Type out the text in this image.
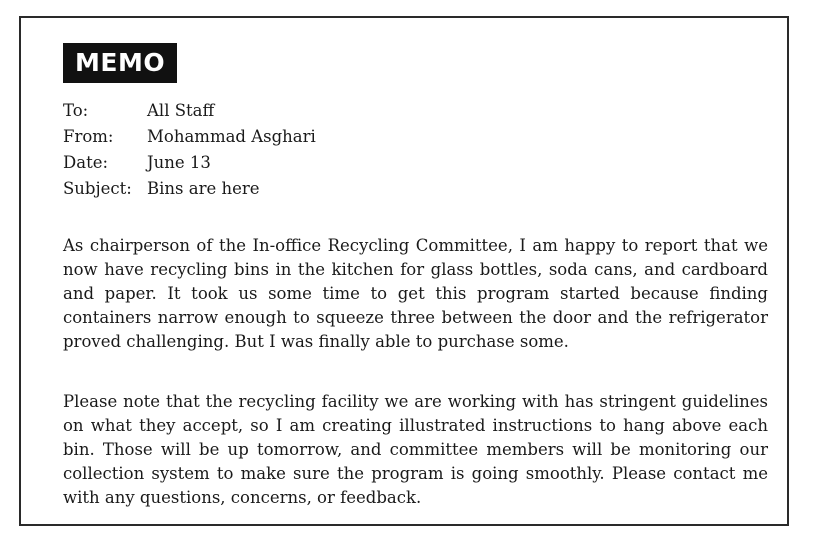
MEMO
To:	All Staff
From:	Mohammad Asghari
Date:	June 13
Subject: Bins are here

As chairperson of the In-office Recycling Committee, I am happy to report that we now have recycling bins in the kitchen for glass bottles, soda cans, and cardboard and paper. It took us some time to get this program started because finding containers narrow enough to squeeze three between the door and the refrigerator proved challenging. But I was finally able to purchase some.

Please note that the recycling facility we are working with has stringent guidelines on what they accept, so I am creating illustrated instructions to hang above each bin. Those will be up tomorrow, and committee members will be monitoring our collection system to make sure the program is going smoothly. Please contact me with any questions, concerns, or feedback.
